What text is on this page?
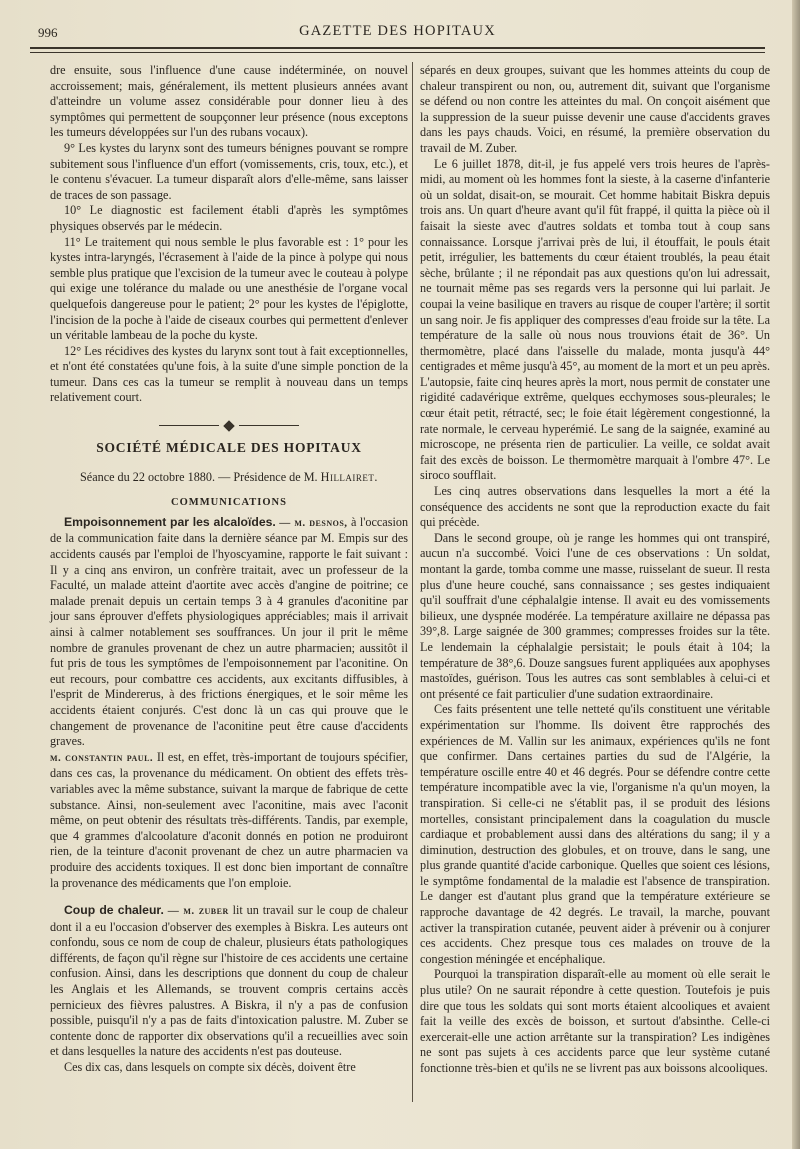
996	GAZETTE DES HOPITAUX

dre ensuite, sous l'influence d'une cause indéterminée, on nouvel accroissement; mais, généralement, ils mettent plusieurs années avant d'atteindre un volume assez considérable pour donner lieu à des symptômes qui permettent de soupçonner leur présence (nous exceptons les tumeurs développées sur l'un des rubans vocaux).

9° Les kystes du larynx sont des tumeurs bénignes pouvant se rompre subitement sous l'influence d'un effort (vomissements, cris, toux, etc.), et le contenu s'évacuer. La tumeur disparaît alors d'elle-même, sans laisser de traces de son passage.

10° Le diagnostic est facilement établi d'après les symptômes physiques observés par le médecin.

11° Le traitement qui nous semble le plus favorable est : 1° pour les kystes intra-laryngés, l'écrasement à l'aide de la pince à polype qui nous semble plus pratique que l'excision de la tumeur avec le couteau à polype qui exige une tolérance du malade ou une anesthésie de l'organe vocal quelquefois dangereuse pour le patient; 2° pour les kystes de l'épiglotte, l'incision de la poche à l'aide de ciseaux courbes qui permettent d'enlever un véritable lambeau de la poche du kyste.

12° Les récidives des kystes du larynx sont tout à fait exceptionnelles, et n'ont été constatées qu'une fois, à la suite d'une simple ponction de la tumeur. Dans ces cas la tumeur se remplit à nouveau dans un temps relativement court.

SOCIÉTÉ MÉDICALE DES HOPITAUX
Séance du 22 octobre 1880. — Présidence de M. Hillairet.
COMMUNICATIONS

Empoisonnement par les alcaloïdes. — m. desnos, à l'occasion de la communication faite dans la dernière séance par M. Empis sur des accidents causés par l'emploi de l'hyoscyamine, rapporte le fait suivant : Il y a cinq ans environ, un confrère traitait, avec un professeur de la Faculté, un malade atteint d'aortite avec accès d'angine de poitrine; ce malade prenait depuis un certain temps 3 à 4 granules d'aconitine par jour sans éprouver d'effets physiologiques appréciables; mais il arrivait ainsi à calmer notablement ses souffrances. Un jour il prit le même nombre de granules provenant de chez un autre pharmacien; aussitôt il fut pris de tous les symptômes de l'empoisonnement par l'aconitine. On eut recours, pour combattre ces accidents, aux excitants diffusibles, à l'esprit de Mindererus, à des frictions énergiques, et le soir même les accidents étaient conjurés. C'est donc là un cas qui prouve que le changement de provenance de l'aconitine peut être cause d'accidents graves.

m. constantin paul. Il est, en effet, très-important de toujours spécifier, dans ces cas, la provenance du médicament. On obtient des effets très-variables avec la même substance, suivant la marque de fabrique de cette substance. Ainsi, non-seulement avec l'aconitine, mais avec l'aconit même, on peut obtenir des résultats très-différents. Tandis, par exemple, que 4 grammes d'alcoolature d'aconit donnés en potion ne produiront rien, de la teinture d'aconit provenant de chez un autre pharmacien va produire des accidents toxiques. Il est donc bien important de connaître la provenance des médicaments que l'on emploie.

Coup de chaleur. — m. zuber lit un travail sur le coup de chaleur dont il a eu l'occasion d'observer des exemples à Biskra. Les auteurs ont confondu, sous ce nom de coup de chaleur, plusieurs états pathologiques différents, de façon qu'il règne sur l'histoire de ces accidents une certaine confusion. Ainsi, dans les descriptions que donnent du coup de chaleur les Anglais et les Allemands, se trouvent compris certains accès pernicieux des fièvres palustres. A Biskra, il n'y a pas de confusion possible, puisqu'il n'y a pas de faits d'intoxication palustre. M. Zuber se contente donc de rapporter dix observations qu'il a recueillies avec soin et dans lesquelles la nature des accidents n'est pas douteuse.

Ces dix cas, dans lesquels on compte six décès, doivent être

séparés en deux groupes, suivant que les hommes atteints du coup de chaleur transpirent ou non, ou, autrement dit, suivant que l'organisme se défend ou non contre les atteintes du mal. On conçoit aisément que la suppression de la sueur puisse devenir une cause d'accidents graves dans les pays chauds. Voici, en résumé, la première observation du travail de M. Zuber.

Le 6 juillet 1878, dit-il, je fus appelé vers trois heures de l'après-midi, au moment où les hommes font la sieste, à la caserne d'infanterie où un soldat, disait-on, se mourait. Cet homme habitait Biskra depuis trois ans. Un quart d'heure avant qu'il fût frappé, il quitta la pièce où il faisait la sieste avec d'autres soldats et tomba tout à coup sans connaissance. Lorsque j'arrivai près de lui, il étouffait, le pouls était petit, irrégulier, les battements du cœur étaient troublés, la peau était sèche, brûlante ; il ne répondait pas aux questions qu'on lui adressait, ne tournait même pas ses regards vers la personne qui lui parlait. Je coupai la veine basilique en travers au risque de couper l'artère; il sortit un sang noir. Je fis appliquer des compresses d'eau froide sur la tête. La température de la salle où nous nous trouvions était de 36°. Un thermomètre, placé dans l'aisselle du malade, monta jusqu'à 44° centigrades et même jusqu'à 45°, au moment de la mort et un peu après. L'autopsie, faite cinq heures après la mort, nous permit de constater une rigidité cadavérique extrême, quelques ecchymoses sous-pleurales; le cœur était petit, rétracté, sec; le foie était légèrement congestionné, la rate normale, le cerveau hyperémié. Le sang de la saignée, examiné au microscope, ne présenta rien de particulier. La veille, ce soldat avait fait des excès de boisson. Le thermomètre marquait à l'ombre 47°. Le siroco soufflait.

Les cinq autres observations dans lesquelles la mort a été la conséquence des accidents ne sont que la reproduction exacte du fait qui précède.

Dans le second groupe, où je range les hommes qui ont transpiré, aucun n'a succombé. Voici l'une de ces observations : Un soldat, montant la garde, tomba comme une masse, ruisselant de sueur. Il resta plus d'une heure couché, sans connaissance ; ses gestes indiquaient qu'il souffrait d'une céphalalgie intense. Il avait eu des vomissements bilieux, une dyspnée modérée. La température axillaire ne dépassa pas 39°,8. Large saignée de 300 grammes; compresses froides sur la tête. Le lendemain la céphalalgie persistait; le pouls était à 104; la température de 38°,6. Douze sangsues furent appliquées aux apophyses mastoïdes, guérison. Tous les autres cas sont semblables à celui-ci et ont présenté ce fait particulier d'une sudation extraordinaire.

Ces faits présentent une telle netteté qu'ils constituent une véritable expérimentation sur l'homme. Ils doivent être rapprochés des expériences de M. Vallin sur les animaux, expériences qu'ils ne font que confirmer. Dans certaines parties du sud de l'Algérie, la température oscille entre 40 et 46 degrés. Pour se défendre contre cette température incompatible avec la vie, l'organisme n'a qu'un moyen, la transpiration. Si celle-ci ne s'établit pas, il se produit des lésions mortelles, consistant principalement dans la coagulation du muscle cardiaque et probablement aussi dans des altérations du sang; il y a diminution, destruction des globules, et on trouve, dans le sang, une plus grande quantité d'acide carbonique. Quelles que soient ces lésions, le symptôme fondamental de la maladie est l'absence de transpiration. Le danger est d'autant plus grand que la température extérieure se rapproche davantage de 42 degrés. Le travail, la marche, pouvant activer la transpiration cutanée, peuvent aider à prévenir ou à conjurer ces accidents. Chez presque tous ces malades on trouve de la congestion méningée et encéphalique.

Pourquoi la transpiration disparaît-elle au moment où elle serait le plus utile? On ne saurait répondre à cette question. Toutefois je puis dire que tous les soldats qui sont morts étaient alcooliques et avaient fait la veille des excès de boisson, et surtout d'absinthe. Celle-ci exercerait-elle une action arrêtante sur la transpiration? Les indigènes ne sont pas sujets à ces accidents parce que leur système cutané fonctionne très-bien et qu'ils ne se livrent pas aux boissons alcooliques.
